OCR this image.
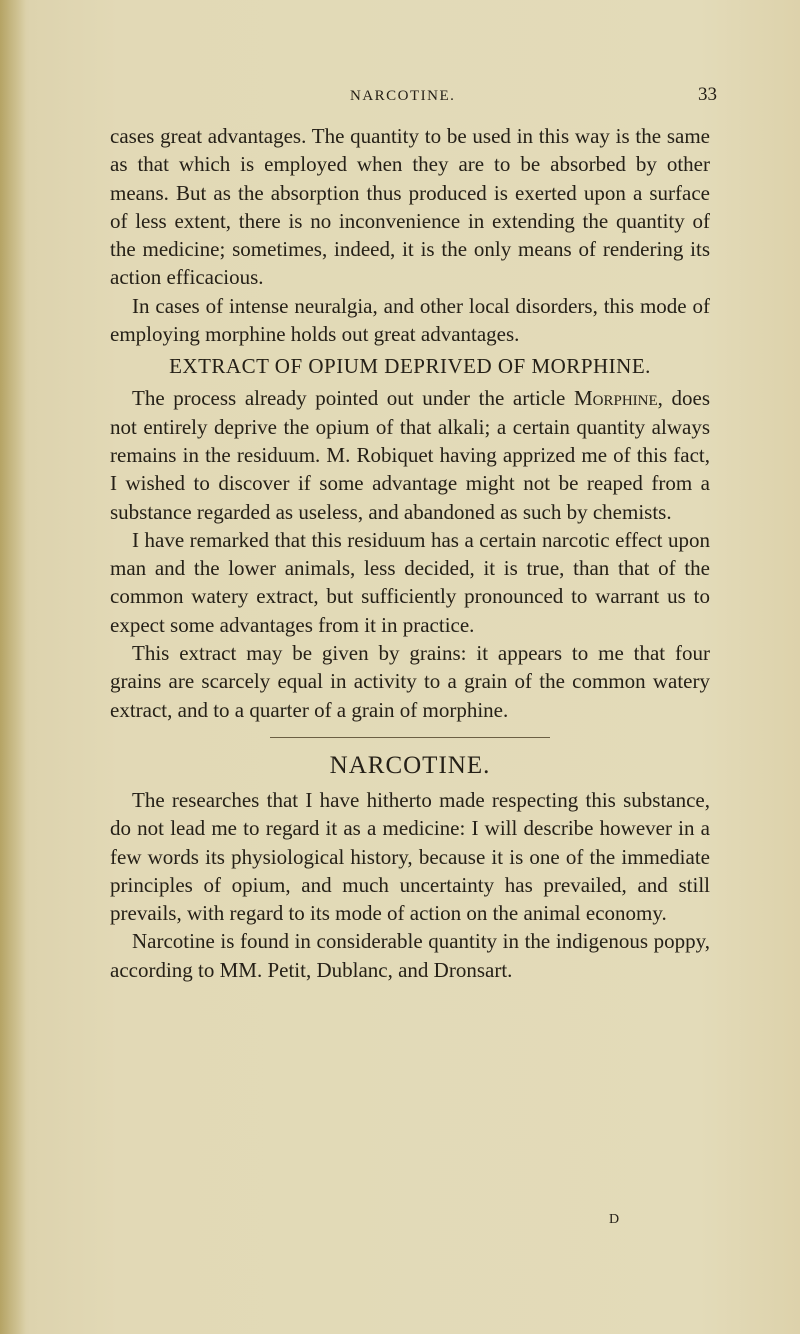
NARCOTINE.	33

cases great advantages. The quantity to be used in this way is the same as that which is employed when they are to be absorbed by other means. But as the absorption thus produced is exerted upon a surface of less extent, there is no inconvenience in extending the quantity of the medicine; sometimes, indeed, it is the only means of rendering its action efficacious.

In cases of intense neuralgia, and other local disorders, this mode of employing morphine holds out great advantages.

EXTRACT OF OPIUM DEPRIVED OF MORPHINE.

The process already pointed out under the article Morphine, does not entirely deprive the opium of that alkali; a certain quantity always remains in the residuum. M. Robiquet having apprized me of this fact, I wished to discover if some advantage might not be reaped from a substance regarded as useless, and abandoned as such by chemists.

I have remarked that this residuum has a certain narcotic effect upon man and the lower animals, less decided, it is true, than that of the common watery extract, but sufficiently pronounced to warrant us to expect some advantages from it in practice.

This extract may be given by grains: it appears to me that four grains are scarcely equal in activity to a grain of the common watery extract, and to a quarter of a grain of morphine.

NARCOTINE.

The researches that I have hitherto made respecting this substance, do not lead me to regard it as a medicine: I will describe however in a few words its physiological history, because it is one of the immediate principles of opium, and much uncertainty has prevailed, and still prevails, with regard to its mode of action on the animal economy.

Narcotine is found in considerable quantity in the indigenous poppy, according to MM. Petit, Dublanc, and Dronsart.

D
